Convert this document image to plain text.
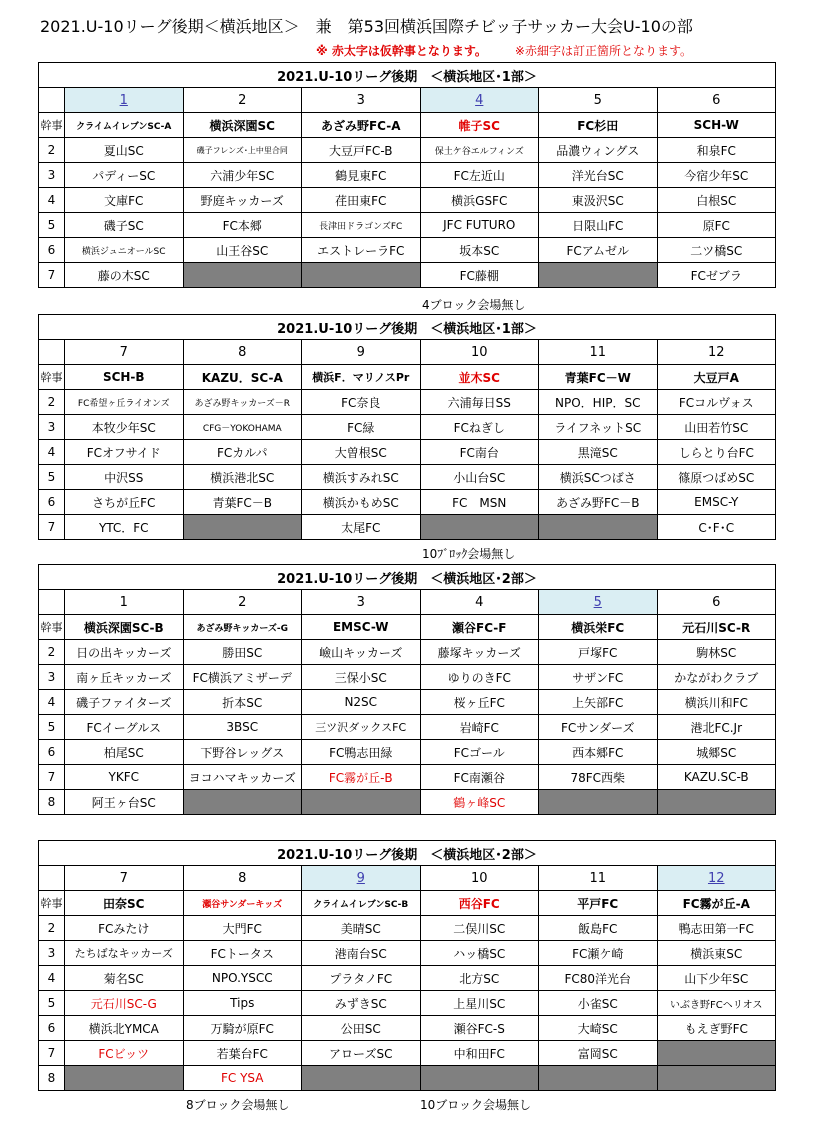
2021.U-10リーグ後期＜横浜地区＞　兼　第53回横浜国際チビッ子サッカー大会U-10の部
※ 赤太字は仮幹事となります。 ※赤細字は訂正箇所となります。
2021.U-10リーグ後期　＜横浜地区･1部＞						
	1	2	3	4	5	6
幹事	クライムイレブンSC-A	横浜深園SC	あざみ野FC-A	帷子SC	FC杉田	SCH-W
2	夏山SC	磯子フレンズ･上中里合同	大豆戸FC-B	保土ケ谷エルフィンズ	品濃ウィングス	和泉FC
3	パディーSC	六浦少年SC	鶴見東FC	FC左近山	洋光台SC	今宿少年SC
4	文庫FC	野庭キッカーズ	荏田東FC	横浜GSFC	東汲沢SC	白根SC
5	磯子SC	FC本郷	長津田ドラゴンズFC	JFC FUTURO	日限山FC	原FC
6	横浜ジュニオールSC	山王谷SC	エストレーラFC	坂本SC	FCアムゼル	二ツ橋SC
7	藤の木SC			FC藤棚		FCゼブラ
4ブロック会場無し
2021.U-10リーグ後期　＜横浜地区･1部＞						
	7	8	9	10	11	12
幹事	SCH-B	KAZU．SC-A	横浜F．マリノスPr	並木SC	青葉FC－W	大豆戸A
2	FC希望ヶ丘ライオンズ	あざみ野キッカーズ－R	FC奈良	六浦毎日SS	NPO．HIP．SC	FCコルヴォス
3	本牧少年SC	CFG－YOKOHAMA	FC緑	FCねぎし	ライフネットSC	山田若竹SC
4	FCオフサイド	FCカルパ	大曽根SC	FC南台	黒滝SC	しらとり台FC
5	中沢SS	横浜港北SC	横浜すみれSC	小山台SC	横浜SCつばさ	篠原つばめSC
6	さちが丘FC	青葉FC－B	横浜かもめSC	FC　MSN	あざみ野FC－B	EMSC-Y
7	YTC．FC		太尾FC			C･F･C
10ﾌﾞﾛｯｸ会場無し
2021.U-10リーグ後期　＜横浜地区･2部＞						
	1	2	3	4	5	6
幹事	横浜深園SC-B	あざみ野キッカーズ-G	EMSC-W	瀬谷FC-F	横浜栄FC	元石川SC-R
2	日の出キッカーズ	勝田SC	嶮山キッカーズ	藤塚キッカーズ	戸塚FC	駒林SC
3	南ヶ丘キッカーズ	FC横浜アミザーデ	三保小SC	ゆりのきFC	サザンFC	かながわクラブ
4	磯子ファイターズ	折本SC	N2SC	桜ヶ丘FC	上矢部FC	横浜川和FC
5	FCイーグルス	3BSC	三ツ沢ダックスFC	岩崎FC	FCサンダーズ	港北FC.Jr
6	柏尾SC	下野谷レッグス	FC鴨志田緑	FCゴール	西本郷FC	城郷SC
7	YKFC	ヨコハマキッカーズ	FC霧が丘-B	FC南瀬谷	78FC西柴	KAZU.SC-B
8	阿王ヶ台SC			鶴ヶ峰SC		
2021.U-10リーグ後期　＜横浜地区･2部＞						
	7	8	9	10	11	12
幹事	田奈SC	瀬谷サンダーキッズ	クライムイレブンSC-B	西谷FC	平戸FC	FC霧が丘-A
2	FCみたけ	大門FC	美晴SC	二俣川SC	飯島FC	鴨志田第一FC
3	たちばなキッカーズ	FCトータス	港南台SC	ハッ橋SC	FC瀬ケ崎	横浜東SC
4	菊名SC	NPO.YSCC	プラタノFC	北方SC	FC80洋光台	山下少年SC
5	元石川SC-G	Tips	みずきSC	上星川SC	小雀SC	いぶき野FCヘリオス
6	横浜北YMCA	万騎が原FC	公田SC	瀬谷FC-S	大崎SC	もえぎ野FC
7	FCビッツ	若葉台FC	アローズSC	中和田FC	富岡SC	
8		FC YSA				
8ブロック会場無し	10ブロック会場無し
